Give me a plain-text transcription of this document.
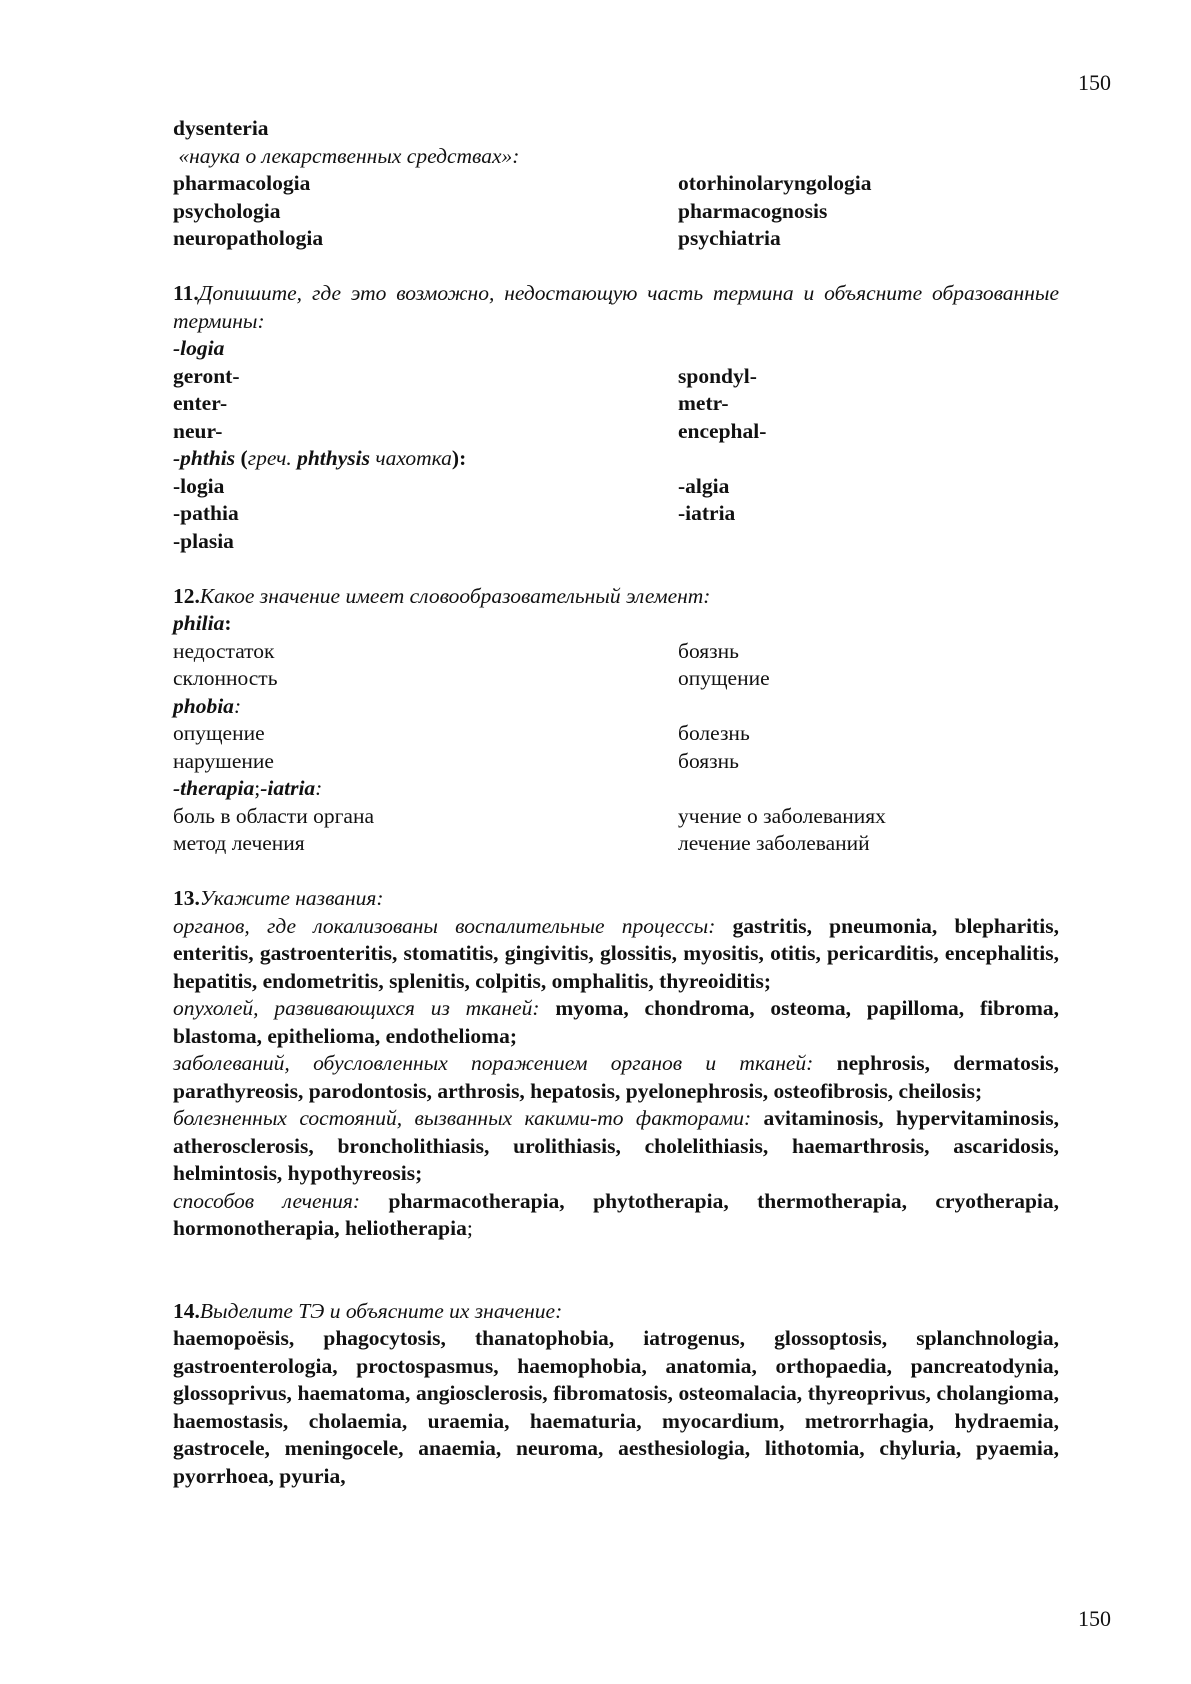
150
dysenteria
«наука о лекарственных средствах»:
pharmacologia	otorhinolaryngologia
psychologia	pharmacognosis
neuropathologia	psychiatria
11.Допишите, где это возможно, недостающую часть термина и объясните образованные термины:
-logia
geront-	spondyl-
enter-	metr-
neur-	encephal-
-phthis (греч. phthysis чахотка):
-logia	-algia
-pathia	-iatria
-plasia
12.Какое значение имеет словообразовательный элемент:
philia:
недостаток	боязнь
склонность	опущение
phobia:
опущение	болезнь
нарушение	боязнь
-therapia;-iatria:
боль в области органа	учение о заболеваниях
метод лечения	лечение заболеваний
13.Укажите названия:
органов, где локализованы воспалительные процессы: gastritis, pneumonia, blepharitis, enteritis, gastroenteritis, stomatitis, gingivitis, glossitis, myositis, otitis, pericarditis, encephalitis, hepatitis, endometritis, splenitis, colpitis, omphalitis, thyreoiditis;
опухолей, развивающихся из тканей: myoma, chondroma, osteoma, papilloma, fibroma, blastoma, epithelioma, endothelioma;
заболеваний, обусловленных поражением органов и тканей: nephrosis, dermatosis, parathyreosis, parodontosis, arthrosis, hepatosis, pyelonephrosis, osteofibrosis, cheilosis;
болезненных состояний, вызванных какими-то факторами: avitaminosis, hypervitaminosis, atherosclerosis, broncholithiasis, urolithiasis, cholelithiasis, haemarthrosis, ascaridosis, helmintosis, hypothyreosis;
способов лечения: pharmacotherapia, phytotherapia, thermotherapia, cryotherapia, hormonotherapia, heliotherapia;
14.Выделите ТЭ и объясните их значение:
haemopoësis, phagocytosis, thanatophobia, iatrogenus, glossoptosis, splanchnologia, gastroenterologia, proctospasmus, haemophobia, anatomia, orthopaedia, pancreatodynia, glossoprivus, haematoma, angiosclerosis, fibromatosis, osteomalacia, thyreoprivus, cholangioma, haemostasis, cholaemia, uraemia, haematuria, myocardium, metrorrhagia, hydraemia, gastrocele, meningocele, anaemia, neuroma, aesthesiologia, lithotomia, chyluria, pyaemia, pyorrhoea, pyuria,
150
